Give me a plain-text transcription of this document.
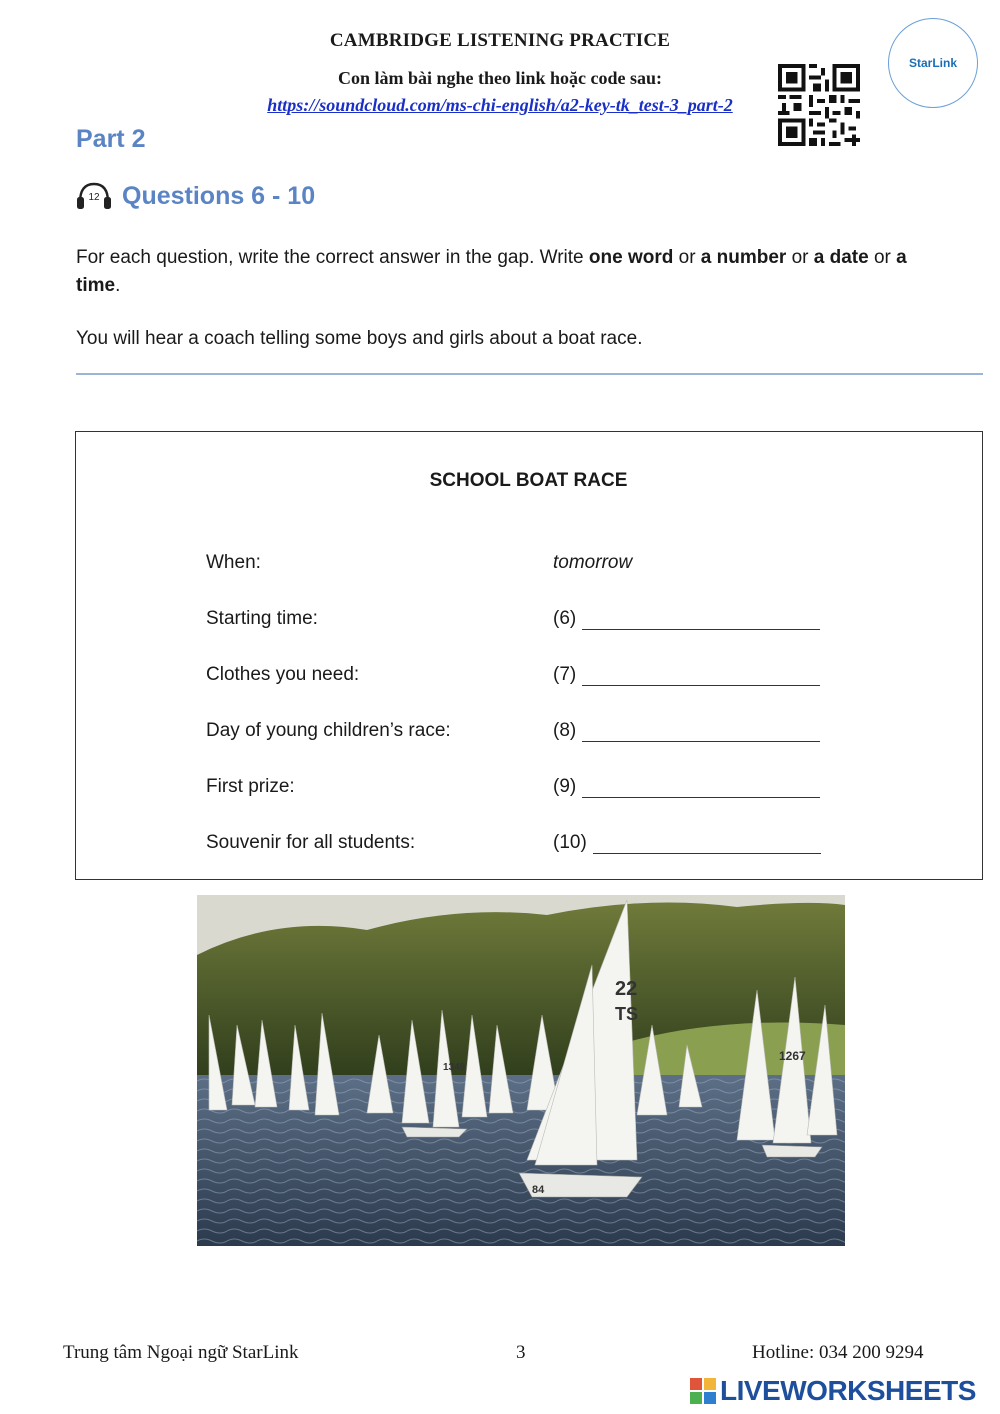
CAMBRIDGE LISTENING PRACTICE
Con làm bài nghe theo link hoặc code sau:
https://soundcloud.com/ms-chi-english/a2-key-tk_test-3_part-2
StarLink
Part 2
12 Questions 6 - 10
For each question, write the correct answer in the gap. Write one word or a number or a date or a
time.
You will hear a coach telling some boys and girls about a boat race.
SCHOOL BOAT RACE
When:	tomorrow
Starting time:	(6)
Clothes you need:	(7)
Day of young children’s race:	(8)
First prize:	(9)
Souvenir for all students:	(10)
22
TS
1349
1267
84
Trung tâm Ngoại ngữ StarLink	3	Hotline: 034 200 9294
LIVEWORKSHEETS
